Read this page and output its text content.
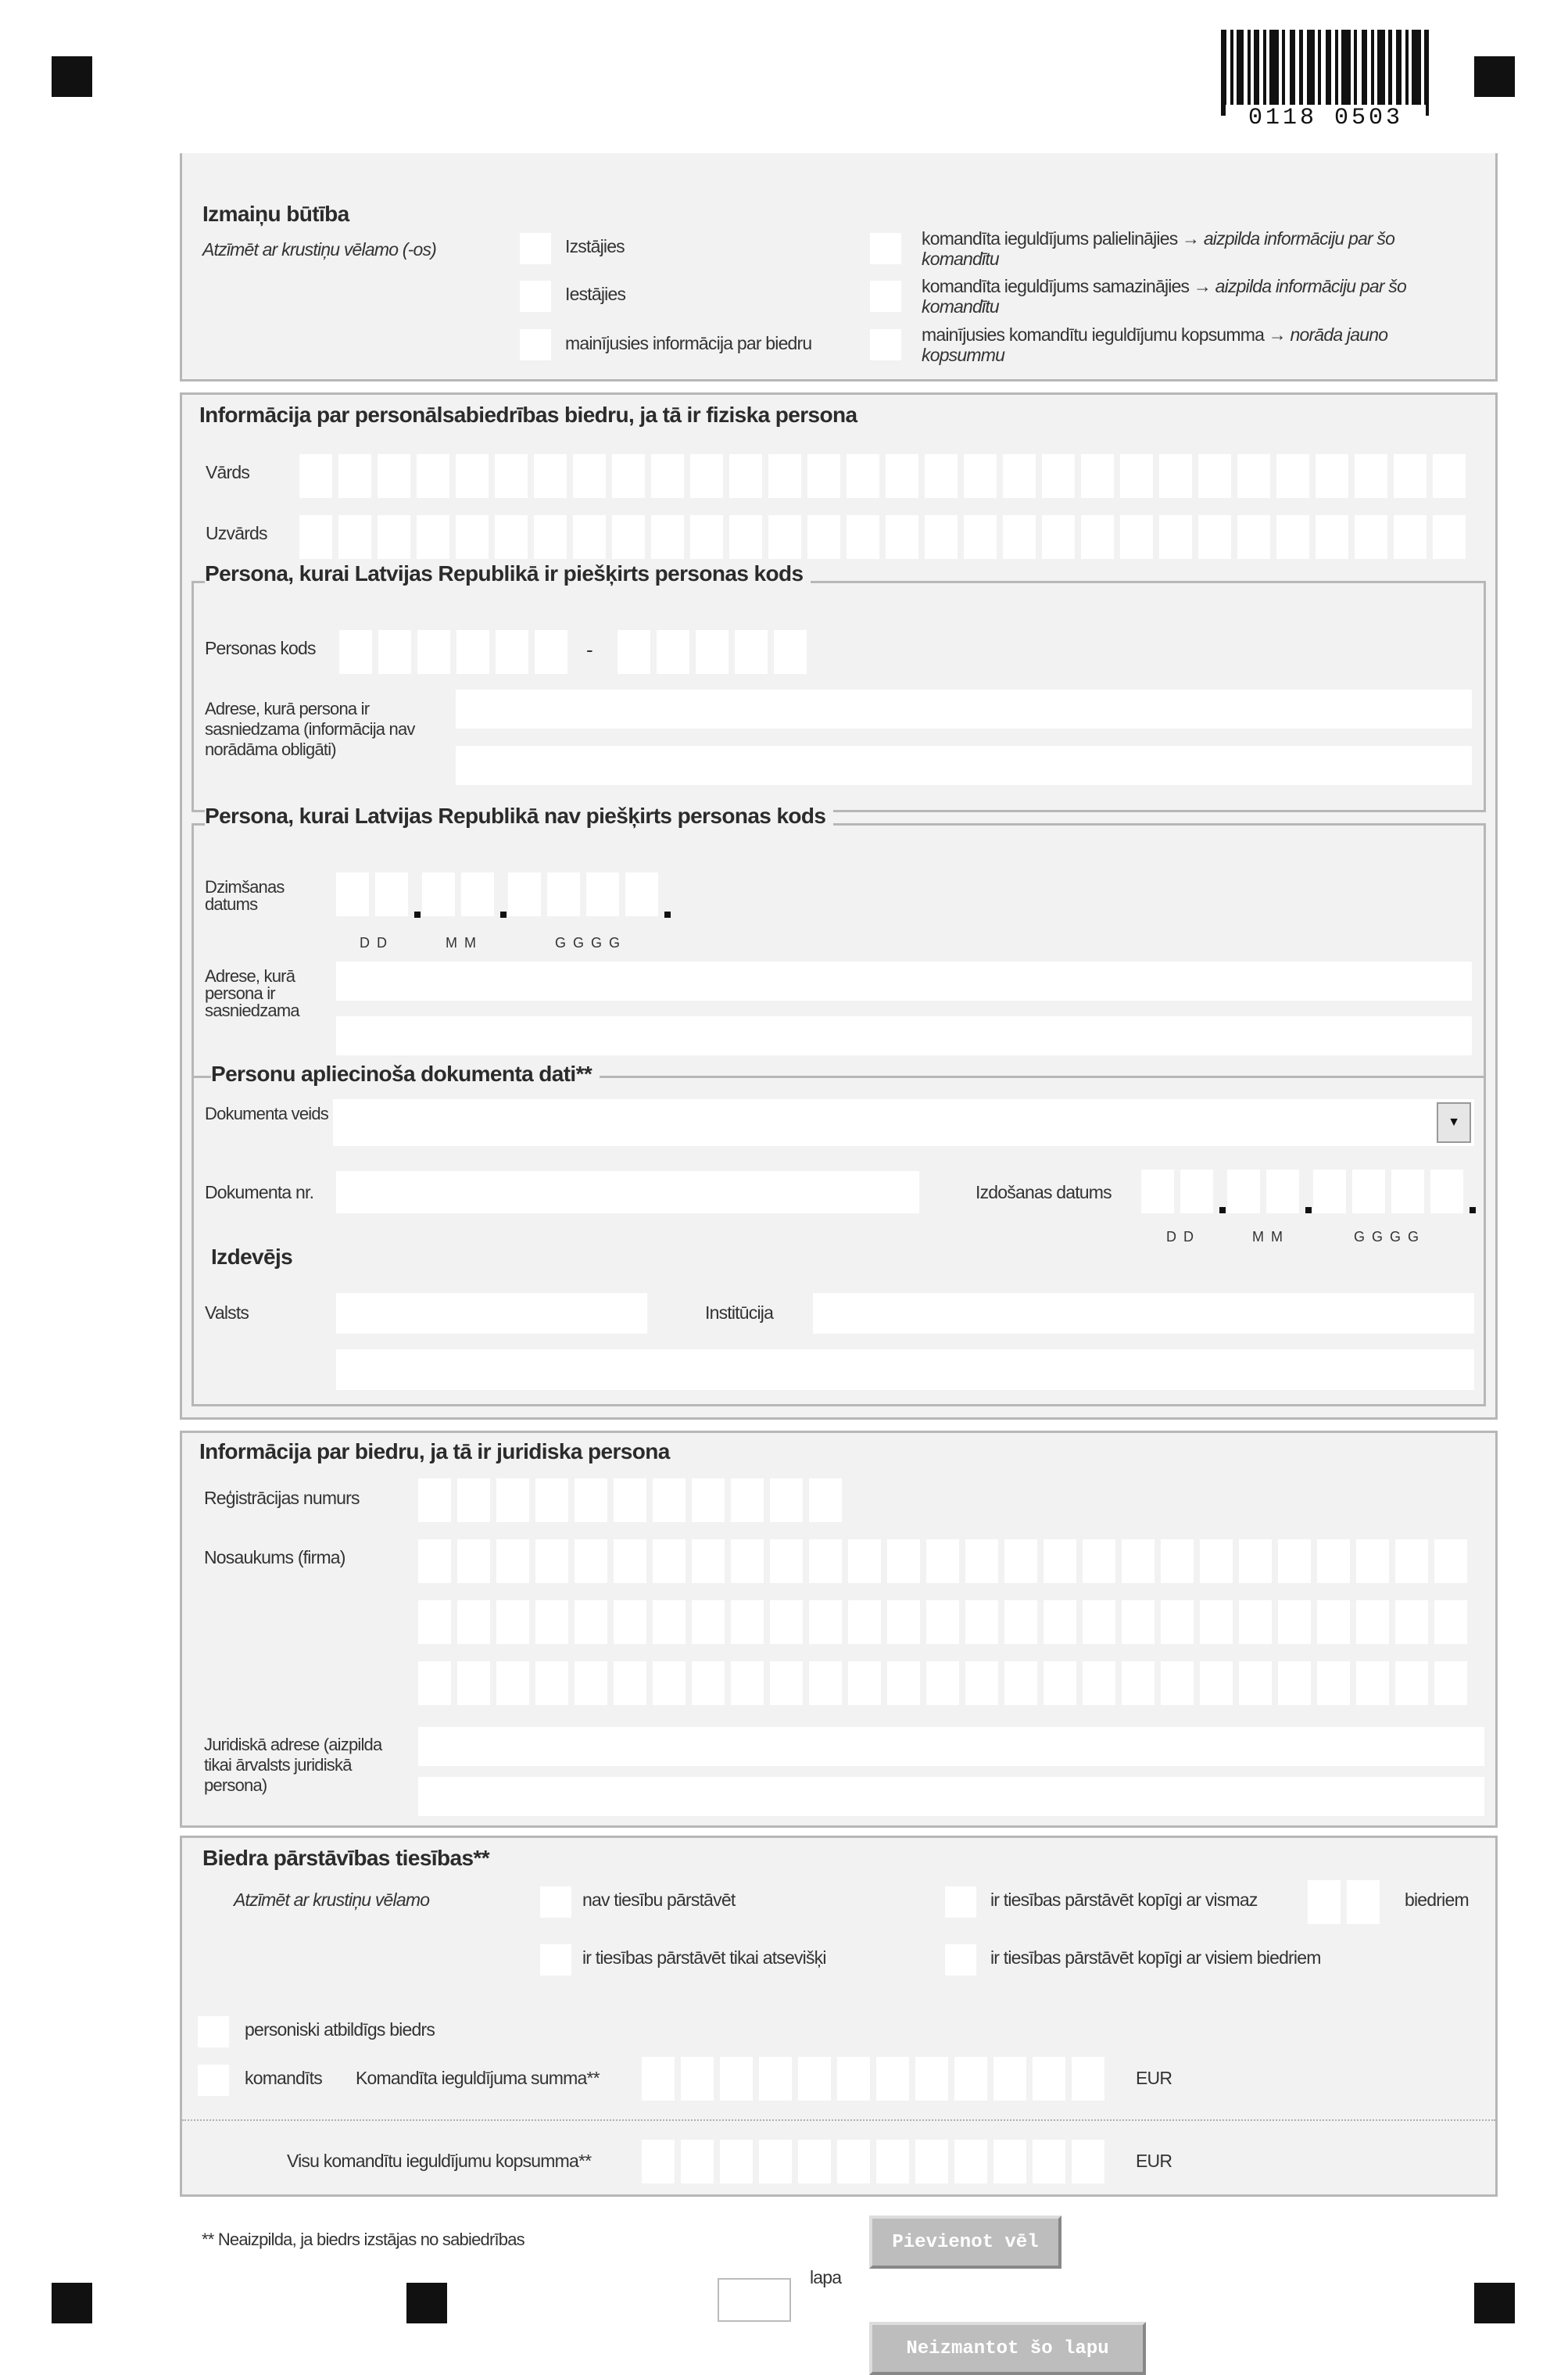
0118 0503
Izmaiņu būtība
Atzīmēt ar krustiņu vēlamo (-os)	Izstājies
Iestājies
mainījusies informācija par biedru
komandīta ieguldījums palielinājies → aizpilda informāciju par šo komandītu
komandīta ieguldījums samazinājies → aizpilda informāciju par šo komandītu
mainījusies komandītu ieguldījumu kopsumma → norāda jauno kopsummu
Informācija par personālsabiedrības biedru, ja tā ir fiziska persona
Vārds
Uzvārds
Persona, kurai Latvijas Republikā ir piešķirts personas kods
Personas kods	-
Adrese, kurā persona ir sasniedzama (informācija nav norādāma obligāti)
Persona, kurai Latvijas Republikā nav piešķirts personas kods
Dzimšanas datums
D D	M M	G G G G
Adrese, kurā persona ir sasniedzama
Personu apliecinoša dokumenta dati**
Dokumenta veids	▼
Dokumenta nr.	Izdošanas datums
D D	M M	G G G G
Izdevējs
Valsts	Institūcija
Informācija par biedru, ja tā ir juridiska persona
Reģistrācijas numurs
Nosaukums (firma)
Juridiskā adrese (aizpilda tikai ārvalsts juridiskā persona)
Biedra pārstāvības tiesības**
Atzīmēt ar krustiņu vēlamo	nav tiesību pārstāvēt
ir tiesības pārstāvēt tikai atsevišķi
ir tiesības pārstāvēt kopīgi ar vismaz	biedriem
ir tiesības pārstāvēt kopīgi ar visiem biedriem
personiski atbildīgs biedrs
komandīts Komandīta ieguldījuma summa**	EUR
Visu komandītu ieguldījumu kopsumma**	EUR
** Neaizpilda, ja biedrs izstājas no sabiedrības
lapa
Pievienot vēl
Neizmantot šo lapu
